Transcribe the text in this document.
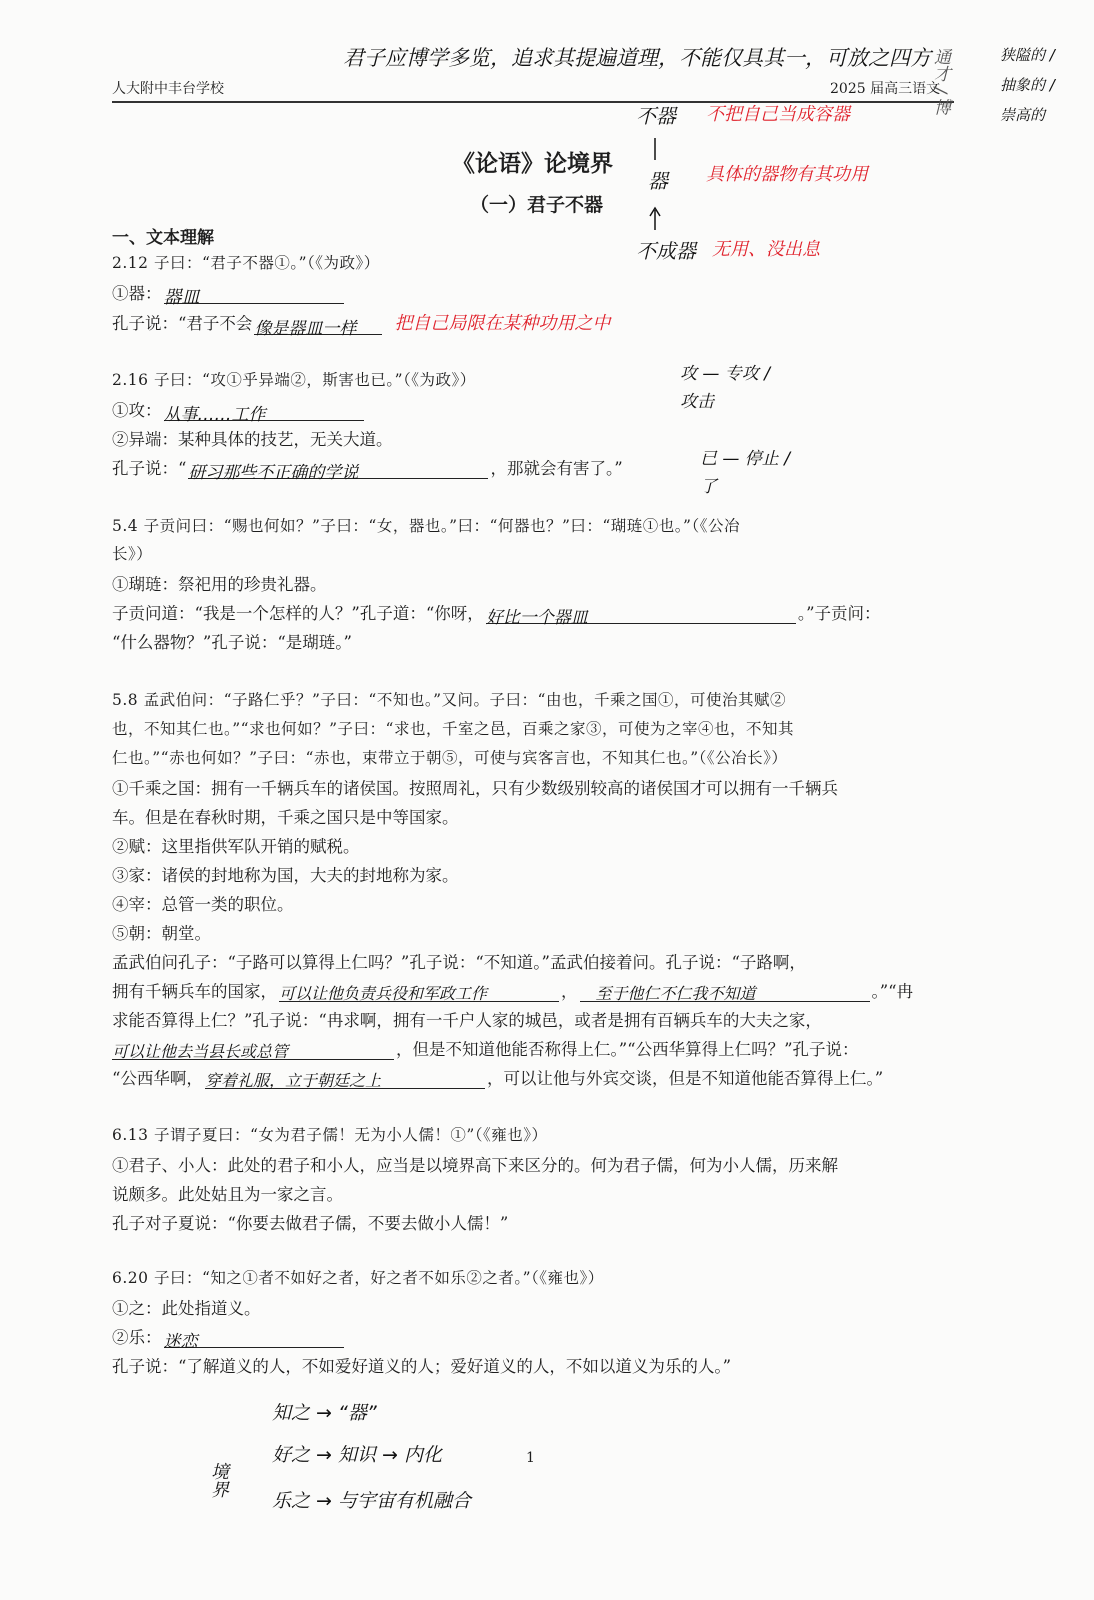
人大附中丰台学校	2025 届高三语文
君子应博学多览，追求其提遍道理，不能仅具其一，可放之四方
《论语》论境界
（一）君子不器
一、文本理解
2.12 子曰：“君子不器①。”（《为政》）
①器： 器皿
孔子说：“君子不会 像是器皿一样 把自己局限在某种功用之中
2.16 子曰：“攻①乎异端②，斯害也已。”（《为政》）
①攻： 从事……工作
②异端：某种具体的技艺，无关大道。
孔子说：“ 研习那些不正确的学说	，那就会有害了。”
5.4 子贡问曰：“赐也何如？”子曰：“女，器也。”曰：“何器也？”曰：“瑚琏①也。”（《公冶
长》）
①瑚琏：祭祀用的珍贵礼器。
子贡问道：“我是一个怎样的人？”孔子道：“你呀， 好比一个器皿	。”子贡问：
“什么器物？”孔子说：“是瑚琏。”
5.8 孟武伯问：“子路仁乎？”子曰：“不知也。”又问。子曰：“由也，千乘之国①，可使治其赋②
也，不知其仁也。”“求也何如？”子曰：“求也，千室之邑，百乘之家③，可使为之宰④也，不知其
仁也。”“赤也何如？”子曰：“赤也，束带立于朝⑤，可使与宾客言也，不知其仁也。”（《公冶长》）
①千乘之国：拥有一千辆兵车的诸侯国。按照周礼，只有少数级别较高的诸侯国才可以拥有一千辆兵
车。但是在春秋时期，千乘之国只是中等国家。
②赋：这里指供军队开销的赋税。
③家：诸侯的封地称为国，大夫的封地称为家。
④宰：总管一类的职位。
⑤朝：朝堂。
孟武伯问孔子：“子路可以算得上仁吗？”孔子说：“不知道。”孟武伯接着问。孔子说：“子路啊，
拥有千辆兵车的国家， 可以让他负责兵役和军政工作	， 至于他仁不仁我不知道	。”“冉
求能否算得上仁？”孔子说：“冉求啊，拥有一千户人家的城邑，或者是拥有百辆兵车的大夫之家，
可以让他去当县长或总管	，但是不知道他能否称得上仁。”“公西华算得上仁吗？”孔子说：
“公西华啊， 穿着礼服，立于朝廷之上	，可以让他与外宾交谈，但是不知道他能否算得上仁。”
6.13 子谓子夏曰：“女为君子儒！无为小人儒！①”（《雍也》）
①君子、小人：此处的君子和小人，应当是以境界高下来区分的。何为君子儒，何为小人儒，历来解
说颇多。此处姑且为一家之言。
孔子对子夏说：“你要去做君子儒，不要去做小人儒！”
6.20 子曰：“知之①者不如好之者，好之者不如乐②之者。”（《雍也》）
①之：此处指道义。
②乐： 迷恋
孔子说：“了解道义的人，不如爱好道义的人；爱好道义的人，不如以道义为乐的人。”
不器
器
不成器
不把自己当成容器
具体的器物有其功用
无用、没出息
通才 / 博	狭隘的 / 抽象的 / 崇高的
攻 — 专攻 / 攻击
已 — 停止 / 了
知之 → “器”
好之 → 知识 → 内化
乐之 → 与宇宙有机融合
境界
1
